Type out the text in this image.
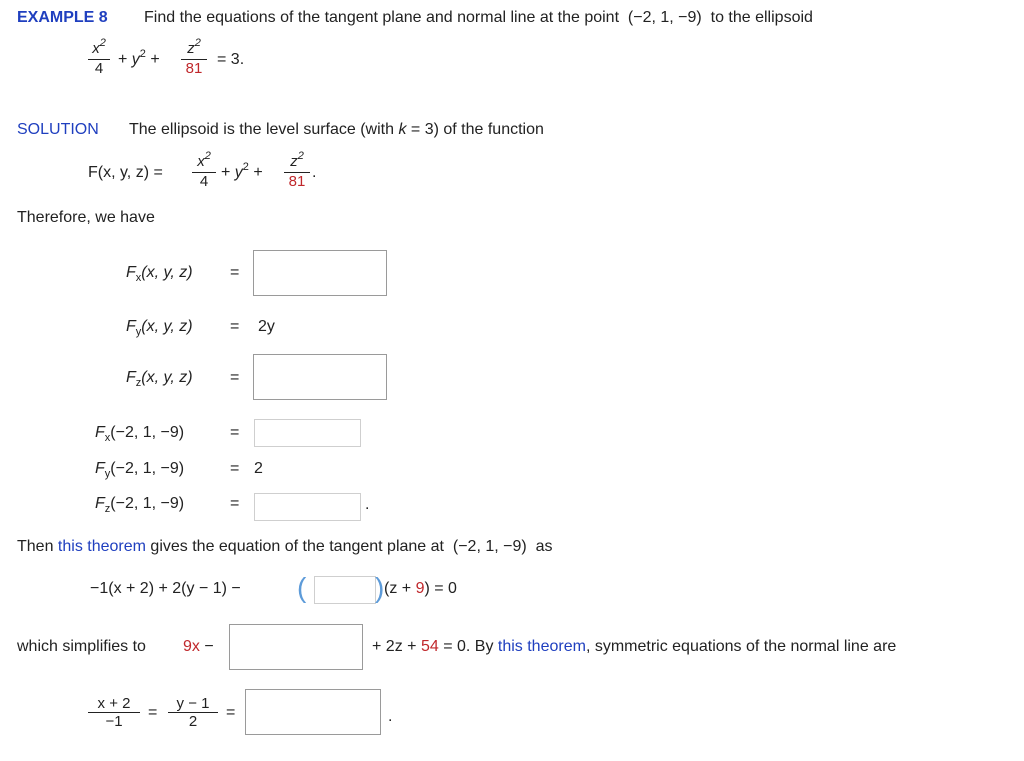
EXAMPLE 8 Find the equations of the tangent plane and normal line at the point (−2, 1, −9) to the ellipsoid
$\frac{x^2}{4} + y^2 + \frac{z^2}{81} = 3$.
SOLUTION The ellipsoid is the level surface (with k = 3) of the function
F(x, y, $z) = \frac{x^2}{4} + y^2 + \frac{z^2}{81}$ .
Therefore, we have
$F_x(x$, y, z) =
$F_y(x$, y, z) = 2y
$F_z(x$, y, z) =
$F_x(-2$, 1, −9)	=
$F_y(-2$, 1, −9)	= 2
$F_z(-2$, 1, −9)	=	.
Then this theorem gives the equation of the tangent plane at (−2, 1, −9) as
−1(x + 2) + 2(y − 1) − ( ) (z + 9) = 0
which simplifies to 9x −	+ 2z + 54 = 0. By this theorem, symmetric equations of the normal line are
$\frac{x + 2}{-1} = \frac{y - 1}{2}$ =	.
